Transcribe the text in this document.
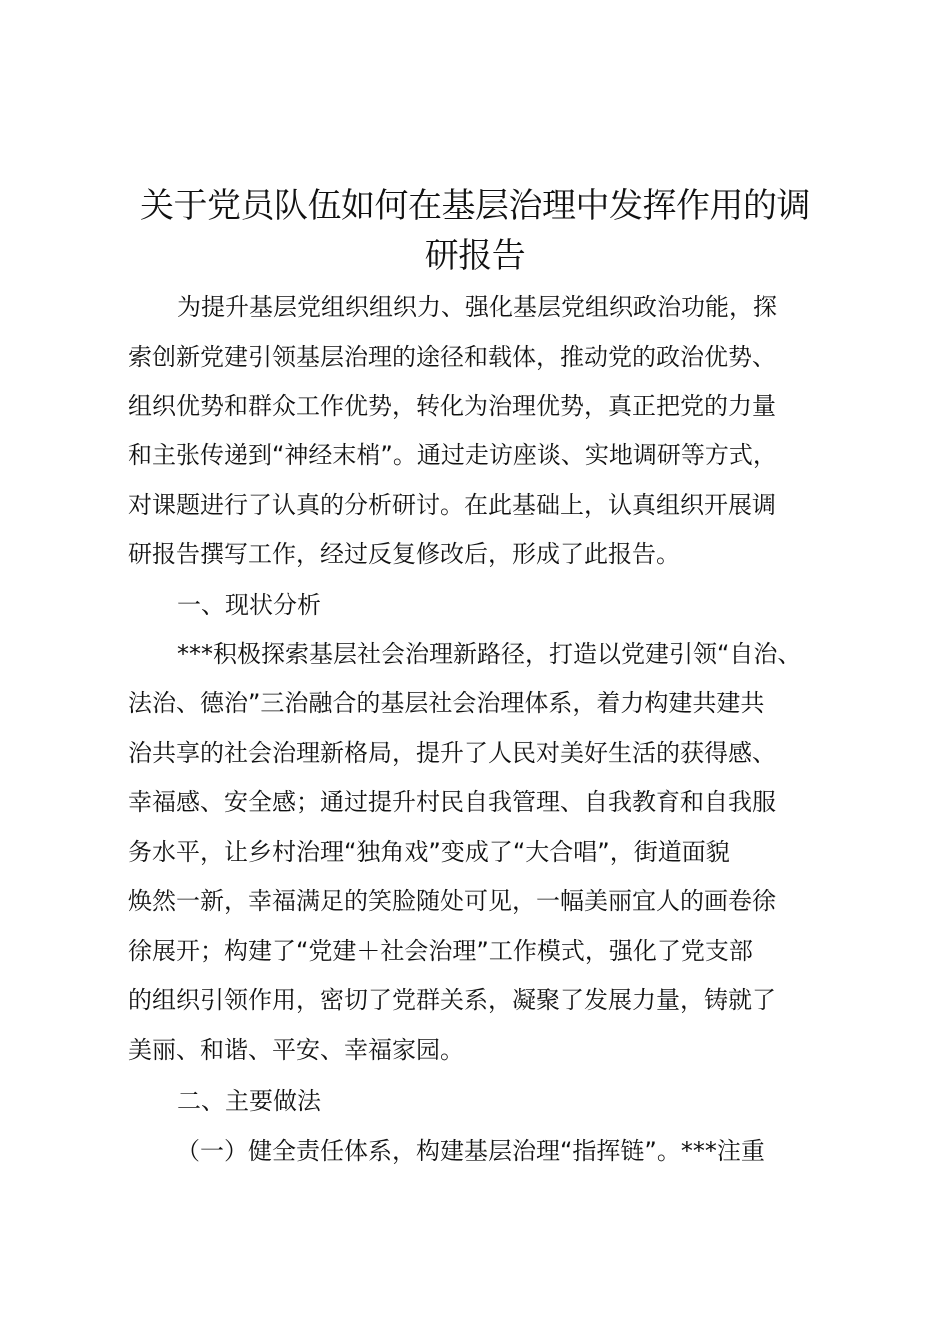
关于党员队伍如何在基层治理中发挥作用的调
研报告
为提升基层党组织组织力、强化基层党组织政治功能，探
索创新党建引领基层治理的途径和载体，推动党的政治优势、
组织优势和群众工作优势，转化为治理优势，真正把党的力量
和主张传递到“神经末梢”。通过走访座谈、实地调研等方式，
对课题进行了认真的分析研讨。在此基础上，认真组织开展调
研报告撰写工作，经过反复修改后，形成了此报告。
一、现状分析
***积极探索基层社会治理新路径，打造以党建引领“自治、
法治、德治”三治融合的基层社会治理体系，着力构建共建共
治共享的社会治理新格局，提升了人民对美好生活的获得感、
幸福感、安全感；通过提升村民自我管理、自我教育和自我服
务水平，让乡村治理“独角戏”变成了“大合唱”，街道面貌
焕然一新，幸福满足的笑脸随处可见，一幅美丽宜人的画卷徐
徐展开；构建了“党建＋社会治理”工作模式，强化了党支部
的组织引领作用，密切了党群关系，凝聚了发展力量，铸就了
美丽、和谐、平安、幸福家园。
二、主要做法
（一）健全责任体系，构建基层治理“指挥链”。***注重
